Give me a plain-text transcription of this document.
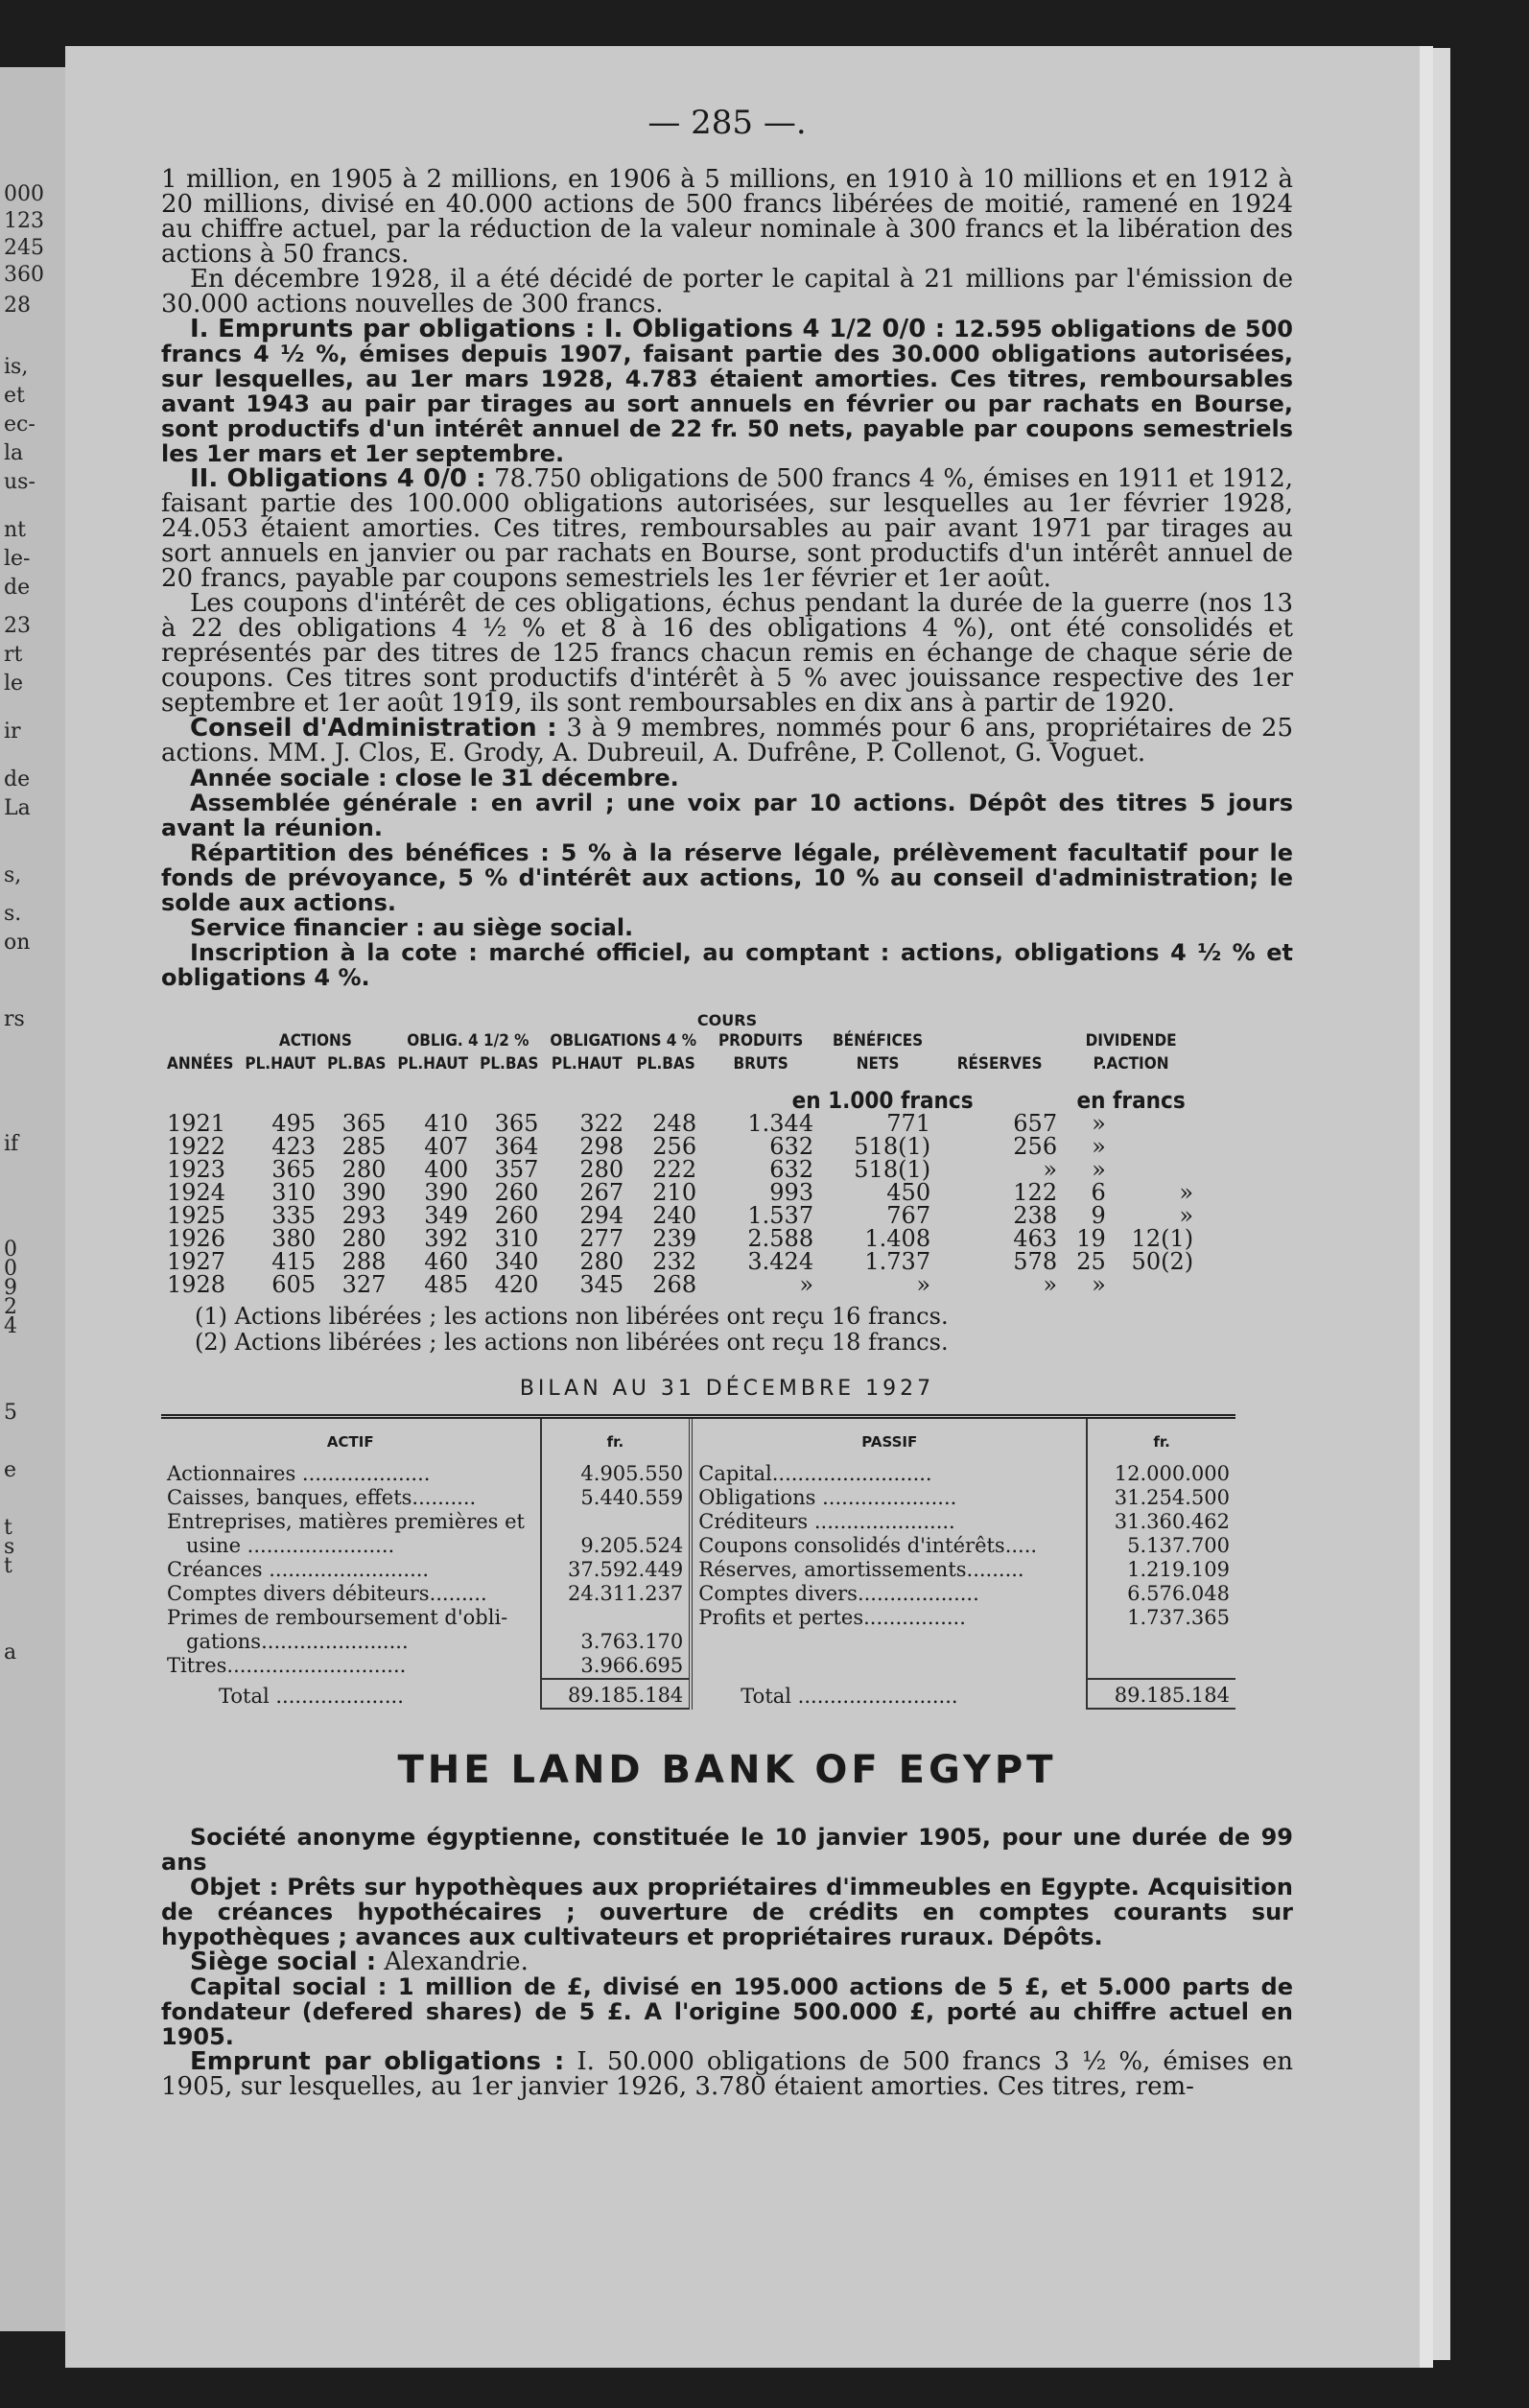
000
123
245
360
28
is,
et
ec-
la
us-
nt
le-
de
23
rt
le
ir
de
La
s,
s.
on
rs
if
0
0
9
2
4
5
e
t
s
t
a
— 285 —.

1 million, en 1905 à 2 millions, en 1906 à 5 millions, en 1910 à 10 millions et en 1912 à 20 millions, divisé en 40.000 actions de 500 francs libérées de moitié, ramené en 1924 au chiffre actuel, par la réduction de la valeur nominale à 300 francs et la libération des actions à 50 francs.

En décembre 1928, il a été décidé de porter le capital à 21 millions par l'émission de 30.000 actions nouvelles de 300 francs.

I. Emprunts par obligations : I. Obligations 4 1/2 0/0 : 12.595 obligations de 500 francs 4 ½ %, émises depuis 1907, faisant partie des 30.000 obligations autorisées, sur lesquelles, au 1er mars 1928, 4.783 étaient amorties. Ces titres, remboursables avant 1943 au pair par tirages au sort annuels en février ou par rachats en Bourse, sont productifs d'un intérêt annuel de 22 fr. 50 nets, payable par coupons semestriels les 1er mars et 1er septembre.

II. Obligations 4 0/0 : 78.750 obligations de 500 francs 4 %, émises en 1911 et 1912, faisant partie des 100.000 obligations autorisées, sur lesquelles au 1er février 1928, 24.053 étaient amorties. Ces titres, remboursables au pair avant 1971 par tirages au sort annuels en janvier ou par rachats en Bourse, sont productifs d'un intérêt annuel de 20 francs, payable par coupons semestriels les 1er février et 1er août.

Les coupons d'intérêt de ces obligations, échus pendant la durée de la guerre (nos 13 à 22 des obligations 4 ½ % et 8 à 16 des obligations 4 %), ont été consolidés et représentés par des titres de 125 francs chacun remis en échange de chaque série de coupons. Ces titres sont productifs d'intérêt à 5 % avec jouissance respective des 1er septembre et 1er août 1919, ils sont remboursables en dix ans à partir de 1920.

Conseil d'Administration : 3 à 9 membres, nommés pour 6 ans, propriétaires de 25 actions. MM. J. Clos, E. Grody, A. Dubreuil, A. Dufrêne, P. Collenot, G. Voguet.

Année sociale : close le 31 décembre.

Assemblée générale : en avril ; une voix par 10 actions. Dépôt des titres 5 jours avant la réunion.

Répartition des bénéfices : 5 % à la réserve légale, prélèvement facultatif pour le fonds de prévoyance, 5 % d'intérêt aux actions, 10 % au conseil d'administration; le solde aux actions.

Service financier : au siège social.

Inscription à la cote : marché officiel, au comptant : actions, obligations 4 ½ % et obligations 4 %.

COURS
ANNÉES	ACTIONS		OBLIG. 4 1/2 %		OBLIGATIONS 4 %		PRODUITS BRUTS	BÉNÉFICES NETS	RÉSERVES	DIVIDENDE P.ACTION	
	PL.HAUT	PL.BAS	PL.HAUT	PL.BAS	PL.HAUT	PL.BAS					
							en 1.000 francs			en francs	
1921	495	365	410	365	322	248	1.344	771	657	»	
1922	423	285	407	364	298	256	632	518(1)	256	»	
1923	365	280	400	357	280	222	632	518(1)	»	»	
1924	310	390	390	260	267	210	993	450	122	6	»
1925	335	293	349	260	294	240	1.537	767	238	9	»
1926	380	280	392	310	277	239	2.588	1.408	463	19	12(1)
1927	415	288	460	340	280	232	3.424	1.737	578	25	50(2)
1928	605	327	485	420	345	268	»	»	»	»	

(1) Actions libérées ; les actions non libérées ont reçu 16 francs.

(2) Actions libérées ; les actions non libérées ont reçu 18 francs.

BILAN AU 31 DÉCEMBRE 1927
ACTIF	fr.	PASSIF	fr.
Actionnaires ....................	4.905.550	Capital.........................	12.000.000
Caisses, banques, effets..........	5.440.559	Obligations .....................	31.254.500
Entreprises, matières premières et		Créditeurs ......................	31.360.462
usine .......................	9.205.524	Coupons consolidés d'intérêts.....	5.137.700
Créances .........................	37.592.449	Réserves, amortissements.........	1.219.109
Comptes divers débiteurs.........	24.311.237	Comptes divers...................	6.576.048
Primes de remboursement d'obli-		Profits et pertes................	1.737.365
gations.......................	3.763.170		
Titres............................	3.966.695		
Total ....................	89.185.184	Total .........................	89.185.184
THE LAND BANK OF EGYPT

Société anonyme égyptienne, constituée le 10 janvier 1905, pour une durée de 99 ans

Objet : Prêts sur hypothèques aux propriétaires d'immeubles en Egypte. Acquisition de créances hypothécaires ; ouverture de crédits en comptes courants sur hypothèques ; avances aux cultivateurs et propriétaires ruraux. Dépôts.

Siège social : Alexandrie.

Capital social : 1 million de £, divisé en 195.000 actions de 5 £, et 5.000 parts de fondateur (defered shares) de 5 £. A l'origine 500.000 £, porté au chiffre actuel en 1905.

Emprunt par obligations : I. 50.000 obligations de 500 francs 3 ½ %, émises en 1905, sur lesquelles, au 1er janvier 1926, 3.780 étaient amorties. Ces titres, rem-
